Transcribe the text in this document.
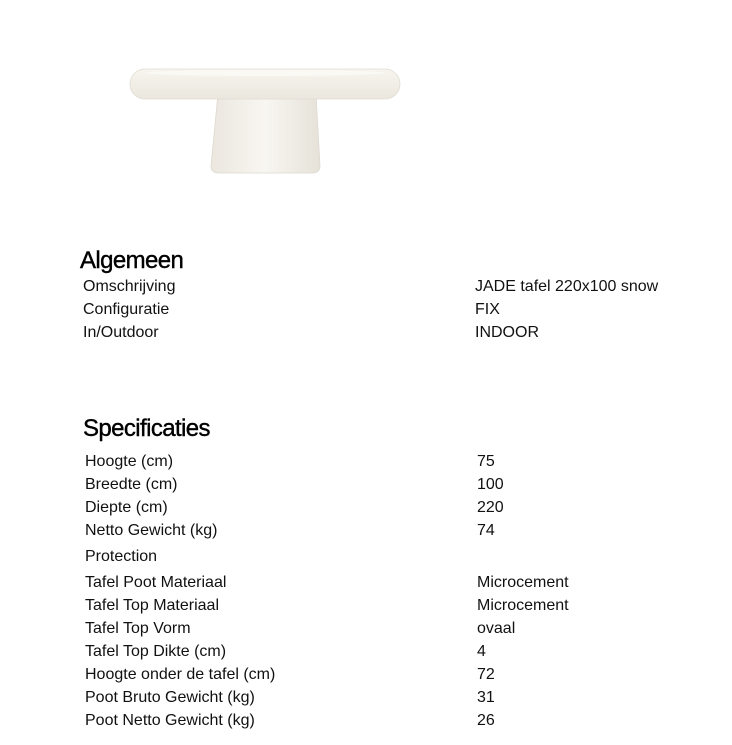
Algemeen
Omschrijving	JADE tafel 220x100 snow
Configuratie	FIX
In/Outdoor	INDOOR
Specificaties
Hoogte (cm)	75
Breedte (cm)	100
Diepte (cm)	220
Netto Gewicht (kg)	74
Protection
Tafel Poot Materiaal	Microcement
Tafel Top Materiaal	Microcement
Tafel Top Vorm	ovaal
Tafel Top Dikte (cm)	4
Hoogte onder de tafel (cm)	72
Poot Bruto Gewicht (kg)	31
Poot Netto Gewicht (kg)	26
